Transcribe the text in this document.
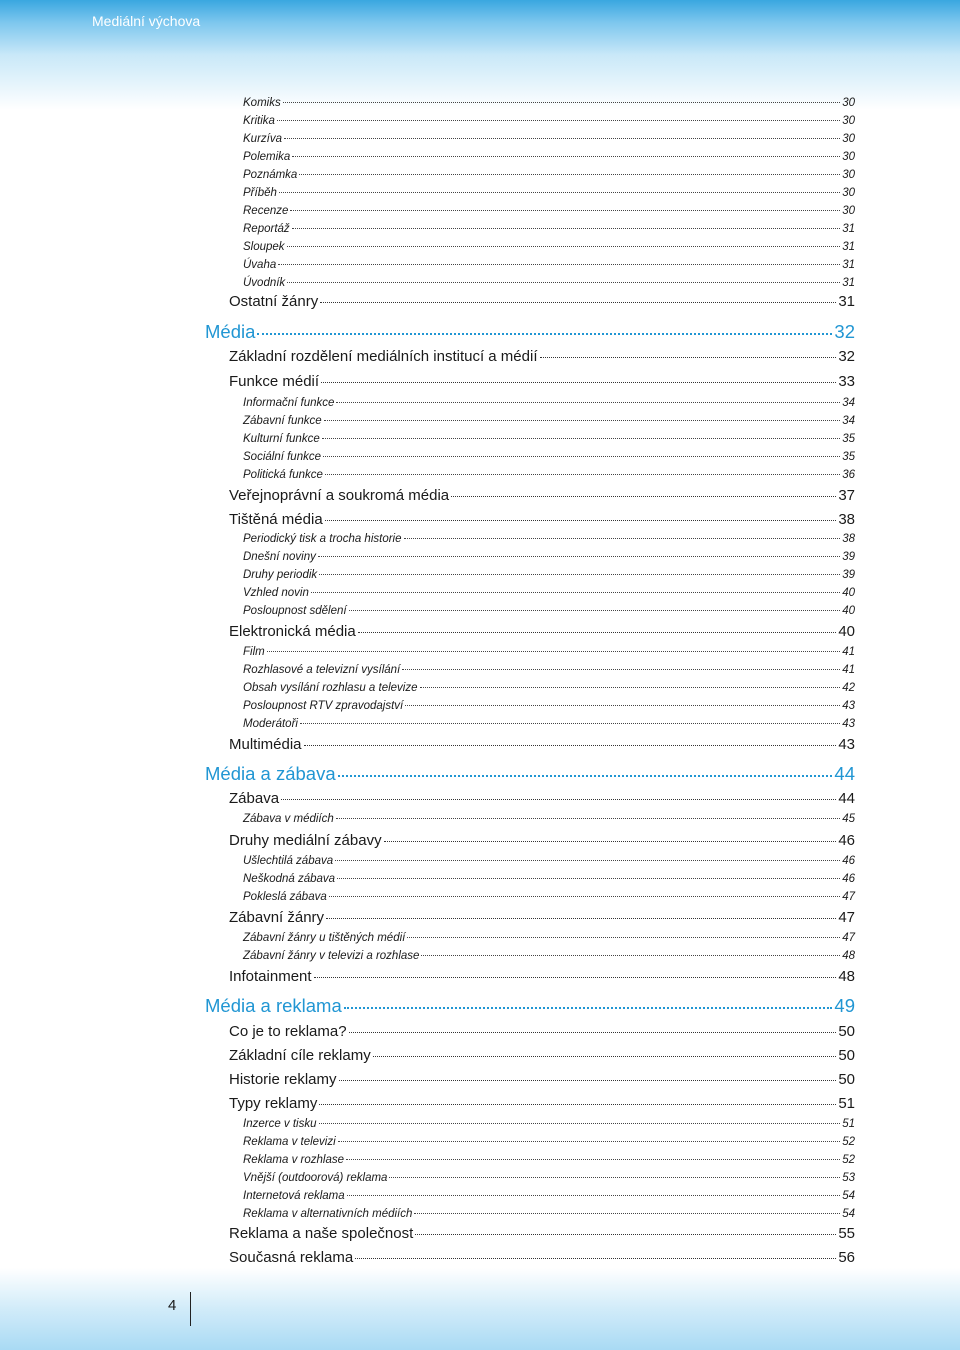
Mediální výchova
Komiks	30
Kritika	30
Kurzíva	30
Polemika	30
Poznámka	30
Příběh	30
Recenze	30
Reportáž	31
Sloupek	31
Úvaha	31
Úvodník	31
Ostatní žánry	31
Média	32
Základní rozdělení mediálních institucí a médií	32
Funkce médií	33
Informační funkce	34
Zábavní funkce	34
Kulturní funkce	35
Sociální funkce	35
Politická funkce	36
Veřejnoprávní a soukromá média	37
Tištěná média	38
Periodický tisk a trocha historie	38
Dnešní noviny	39
Druhy periodik	39
Vzhled novin	40
Posloupnost sdělení	40
Elektronická média	40
Film	41
Rozhlasové a televizní vysílání	41
Obsah vysílání rozhlasu a televize	42
Posloupnost RTV zpravodajství	43
Moderátoři	43
Multimédia	43
Média a zábava	44
Zábava	44
Zábava v médiích	45
Druhy mediální zábavy	46
Ušlechtilá zábava	46
Neškodná zábava	46
Pokleslá zábava	47
Zábavní žánry	47
Zábavní žánry u tištěných médií	47
Zábavní žánry v televizi a rozhlase	48
Infotainment	48
Média a reklama	49
Co je to reklama?	50
Základní cíle reklamy	50
Historie reklamy	50
Typy reklamy	51
Inzerce v tisku	51
Reklama v televizi	52
Reklama v rozhlase	52
Vnější (outdoorová) reklama	53
Internetová reklama	54
Reklama v alternativních médiích	54
Reklama a naše společnost	55
Současná reklama	56
4
